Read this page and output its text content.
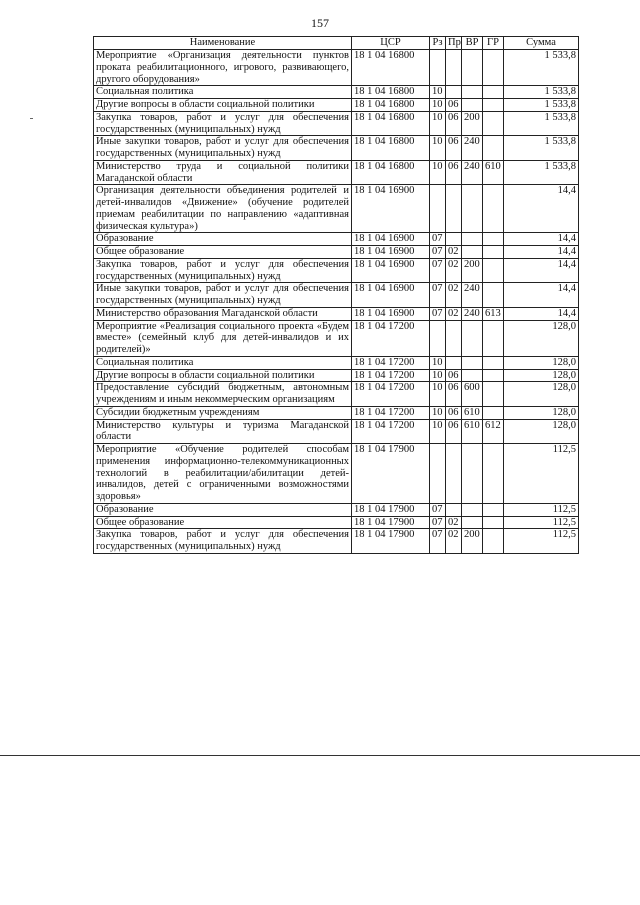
157
Наименование	ЦСР	Рз	Пр	ВР	ГР	Сумма
Мероприятие «Организация деятельности пунктов проката реабилитационного, игрового, развивающего, другого оборудования»	18 1 04 16800					1 533,8
Социальная политика	18 1 04 16800	10				1 533,8
Другие вопросы в области социальной политики	18 1 04 16800	10	06			1 533,8
Закупка товаров, работ и услуг для обеспечения государственных (муниципальных) нужд	18 1 04 16800	10	06	200		1 533,8
Иные закупки товаров, работ и услуг для обеспечения государственных (муниципальных) нужд	18 1 04 16800	10	06	240		1 533,8
Министерство труда и социальной политики Магаданской области	18 1 04 16800	10	06	240	610	1 533,8
Организация деятельности объединения родителей и детей-инвалидов «Движение» (обучение родителей приемам реабилитации по направлению «адаптивная физическая культура»)	18 1 04 16900					14,4
Образование	18 1 04 16900	07				14,4
Общее образование	18 1 04 16900	07	02			14,4
Закупка товаров, работ и услуг для обеспечения государственных (муниципальных) нужд	18 1 04 16900	07	02	200		14,4
Иные закупки товаров, работ и услуг для обеспечения государственных (муниципальных) нужд	18 1 04 16900	07	02	240		14,4
Министерство образования Магаданской области	18 1 04 16900	07	02	240	613	14,4
Мероприятие «Реализация социального проекта «Будем вместе» (семейный клуб для детей-инвалидов и их родителей)»	18 1 04 17200					128,0
Социальная политика	18 1 04 17200	10				128,0
Другие вопросы в области социальной политики	18 1 04 17200	10	06			128,0
Предоставление субсидий бюджетным, автономным учреждениям и иным некоммерческим организациям	18 1 04 17200	10	06	600		128,0
Субсидии бюджетным учреждениям	18 1 04 17200	10	06	610		128,0
Министерство культуры и туризма Магаданской области	18 1 04 17200	10	06	610	612	128,0
Мероприятие «Обучение родителей способам применения информационно-телекоммуникационных технологий в реабилитации/абилитации детей-инвалидов, детей с ограниченными возможностями здоровья»	18 1 04 17900					112,5
Образование	18 1 04 17900	07				112,5
Общее образование	18 1 04 17900	07	02			112,5
Закупка товаров, работ и услуг для обеспечения государственных (муниципальных) нужд	18 1 04 17900	07	02	200		112,5
